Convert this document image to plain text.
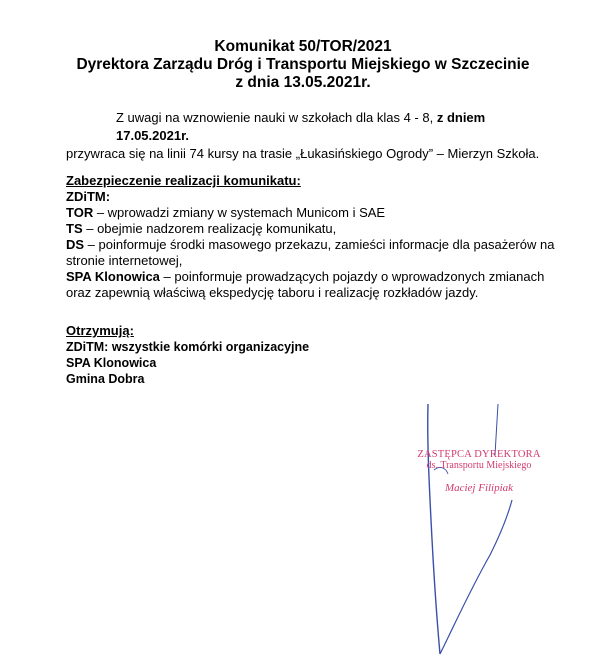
Komunikat 50/TOR/2021
Dyrektora Zarządu Dróg i Transportu Miejskiego w Szczecinie
z dnia 13.05.2021r.
Z uwagi na wznowienie nauki w szkołach dla klas 4 - 8, z dniem 17.05.2021r.
przywraca się na linii 74 kursy na trasie „Łukasińskiego Ogrody” – Mierzyn Szkoła.
Zabezpieczenie realizacji komunikatu:
ZDiTM:
TOR – wprowadzi zmiany w systemach Municom i SAE
TS – obejmie nadzorem realizację komunikatu,
DS – poinformuje środki masowego przekazu, zamieści informacje dla pasażerów na stronie internetowej,
SPA Klonowica – poinformuje prowadzących pojazdy o wprowadzonych zmianach oraz zapewnią właściwą ekspedycję taboru i realizację rozkładów jazdy.
Otrzymują:
ZDiTM: wszystkie komórki organizacyjne
SPA Klonowica
Gmina Dobra
ZASTĘPCA DYREKTORA
ds. Transportu Miejskiego
Maciej Filipiak
